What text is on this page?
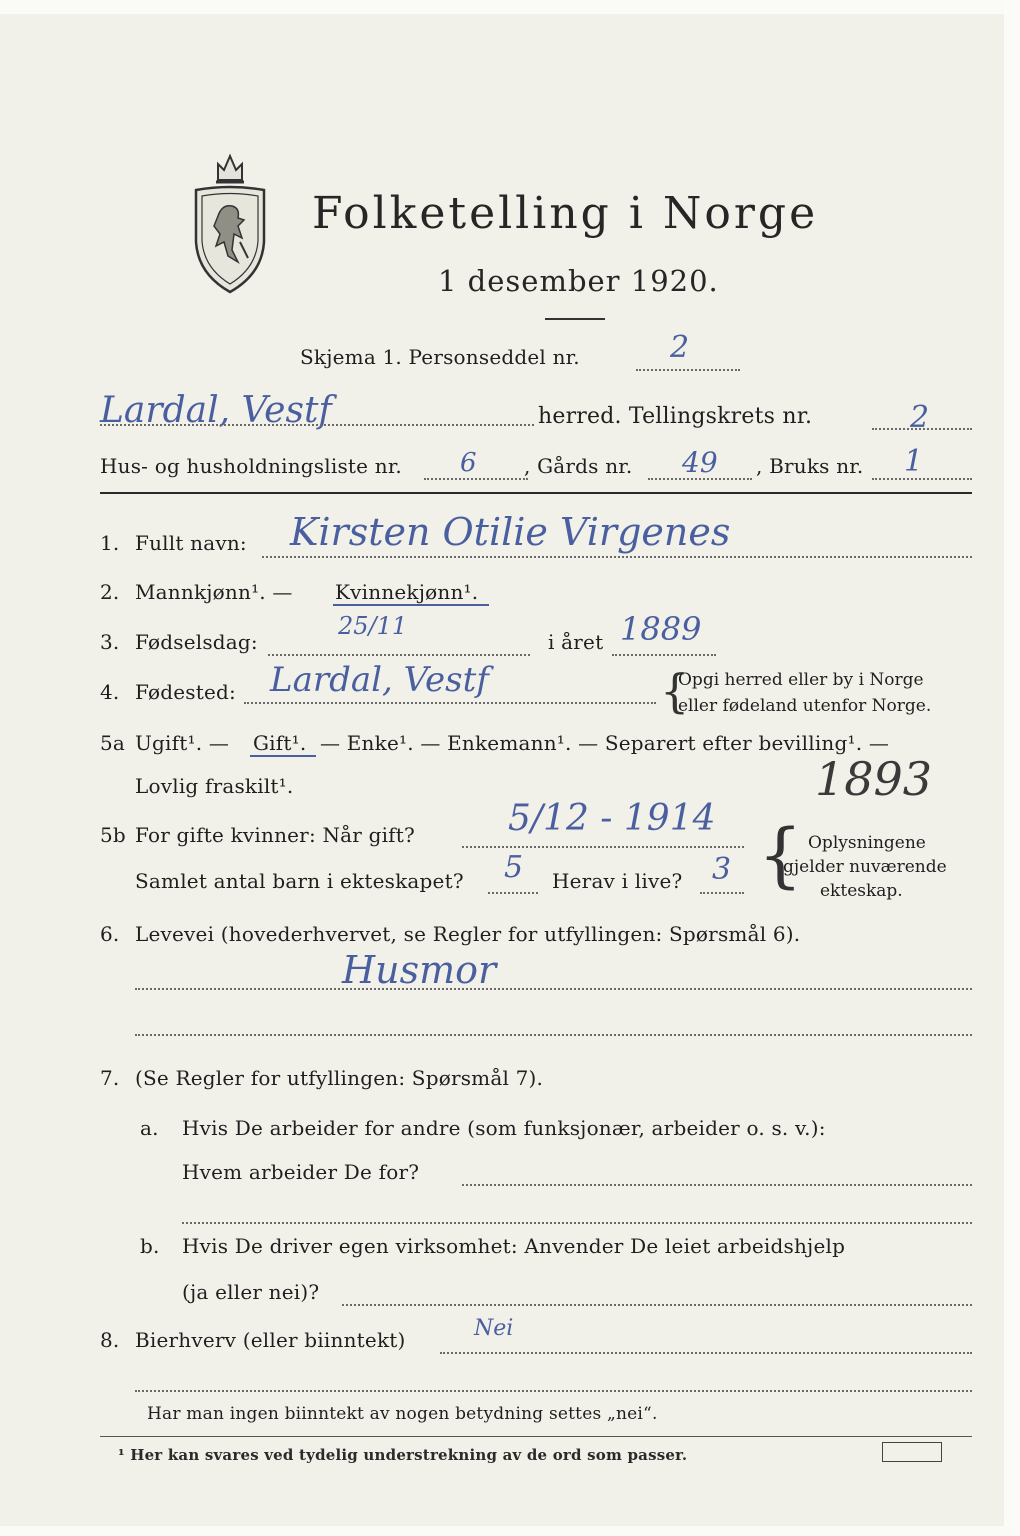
Folketelling i Norge
1 desember 1920.
Skjema 1. Personseddel nr.	2
Lardal, Vestf	herred. Tellingskrets nr.	2
Hus- og husholdningsliste nr. 6 , Gårds nr. 49 , Bruks nr. 1
1. Fullt navn: Kirsten Otilie Virgenes
2. Mannkjønn¹. — Kvinnekjønn¹.
3. Fødselsdag:
25/11
i året 1889
4. Fødested: Lardal, Vestf	{
Opgi herred eller by i Norge
eller fødeland utenfor Norge.
5a Ugift¹. — Gift¹. — Enke¹. — Enkemann¹. — Separert efter bevilling¹. —
Lovlig fraskilt¹.	1893
5b For gifte kvinner: Når gift?	5/12 - 1914
Samlet antal barn i ekteskapet? 5 Herav i live? 3 { Oplysningene
gjelder nuværende
ekteskap.
6. Levevei (hovederhvervet, se Regler for utfyllingen: Spørsmål 6).
Husmor
7. (Se Regler for utfyllingen: Spørsmål 7).
a. Hvis De arbeider for andre (som funksjonær, arbeider o. s. v.):
Hvem arbeider De for?
b. Hvis De driver egen virksomhet: Anvender De leiet arbeidshjelp
(ja eller nei)?
8. Bierhverv (eller biinntekt)	Nei
Har man ingen biinntekt av nogen betydning settes „nei“.
¹ Her kan svares ved tydelig understrekning av de ord som passer.
